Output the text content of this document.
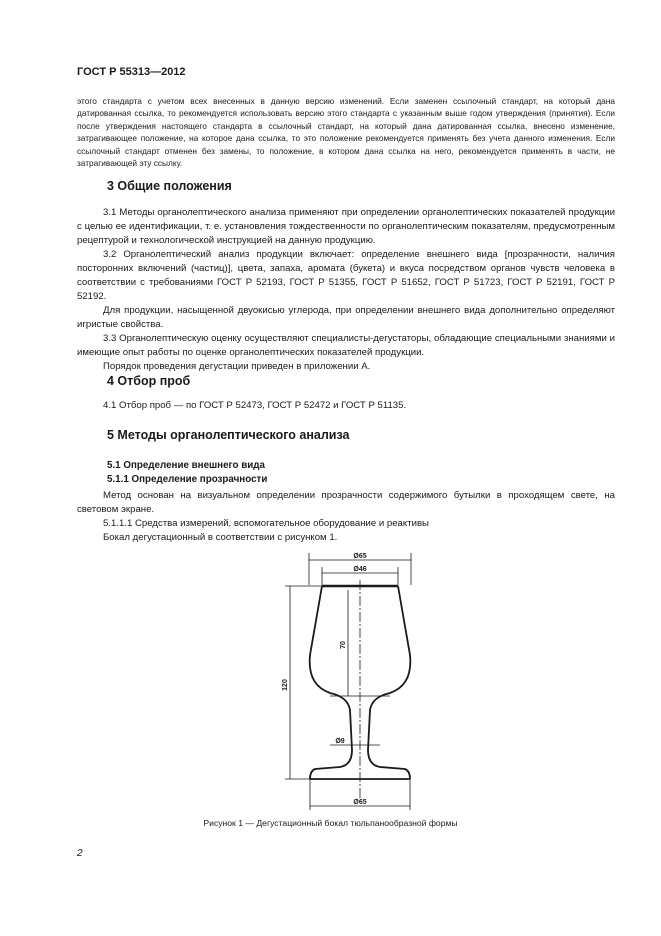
ГОСТ Р 55313—2012
этого стандарта с учетом всех внесенных в данную версию изменений. Если заменен ссылочный стандарт, на который дана датированная ссылка, то рекомендуется использовать версию этого стандарта с указанным выше годом утверждения (принятия). Если после утверждения настоящего стандарта в ссылочный стандарт, на который дана датированная ссылка, внесено изменение, затрагивающее положение, на которое дана ссылка, то это положение рекомендуется применять без учета данного изменения. Если ссылочный стандарт отменен без замены, то положение, в котором дана ссылка на него, рекомендуется применять в части, не затрагивающей эту ссылку.
3 Общие положения

3.1 Методы органолептического анализа применяют при определении органолептических показателей продукции с целью ее идентификации, т. е. установления тождественности по органолептическим показателям, предусмотренным рецептурой и технологической инструкцией на данную продукцию.

3.2 Органолептический анализ продукции включает: определение внешнего вида [прозрачности, наличия посторонних включений (частиц)], цвета, запаха, аромата (букета) и вкуса посредством органов чувств человека в соответствии с требованиями ГОСТ Р 52193, ГОСТ Р 51355, ГОСТ Р 51652, ГОСТ Р 51723, ГОСТ Р 52191, ГОСТ Р 52192.

Для продукции, насыщенной двуокисью углерода, при определении внешнего вида дополнительно определяют игристые свойства.

3.3 Органолептическую оценку осуществляют специалисты-дегустаторы, обладающие специальными знаниями и имеющие опыт работы по оценке органолептических показателей продукции.

Порядок проведения дегустации приведен в приложении А.

4 Отбор проб

4.1 Отбор проб — по ГОСТ Р 52473, ГОСТ Р 52472 и ГОСТ Р 51135.

5 Методы органолептического анализа
5.1 Определение внешнего вида
5.1.1 Определение прозрачности

Метод основан на визуальном определении прозрачности содержимого бутылки в проходящем свете, на световом экране.

5.1.1.1 Средства измерений, вспомогательное оборудование и реактивы

Бокал дегустационный в соответствии с рисунком 1.

Ø65
Ø46
70
120
Ø9
Ø65
Рисунок 1 — Дегустационный бокал тюльпанообразной формы
2
